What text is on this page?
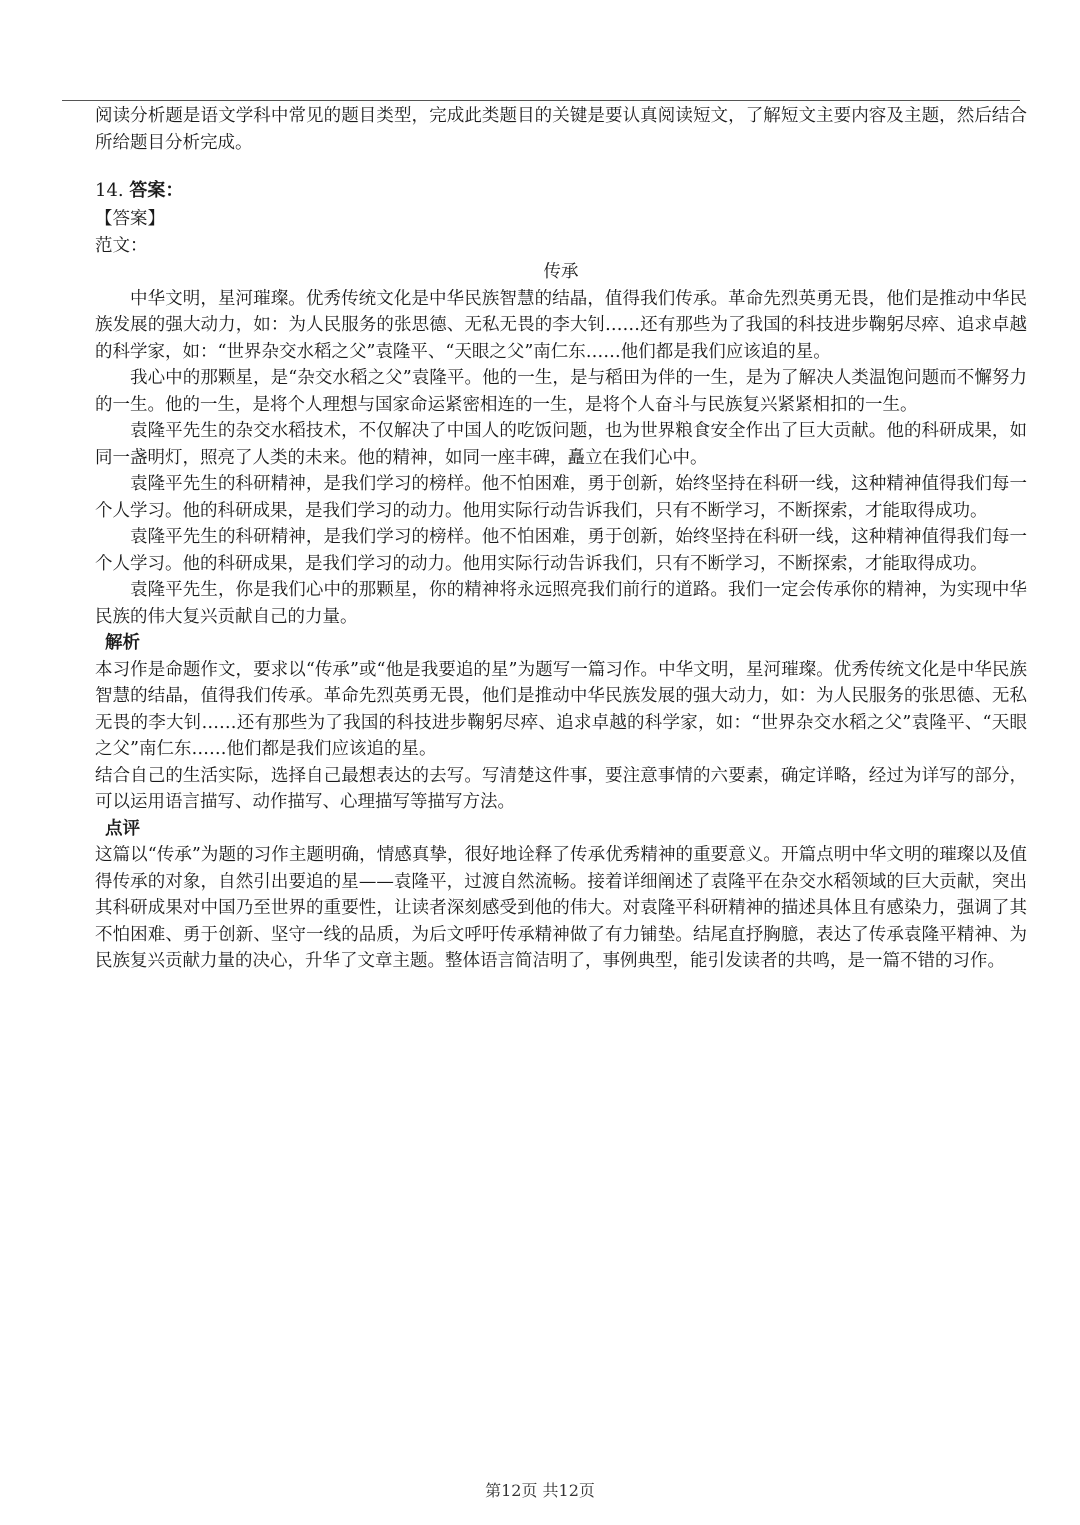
阅读分析题是语文学科中常见的题目类型，完成此类题目的关键是要认真阅读短文，了解短文主要内容及主题，然后结合所给题目分析完成。

14. 答案：

【答案】

范文：

传承

中华文明，星河璀璨。优秀传统文化是中华民族智慧的结晶，值得我们传承。革命先烈英勇无畏，他们是推动中华民族发展的强大动力，如：为人民服务的张思德、无私无畏的李大钊……还有那些为了我国的科技进步鞠躬尽瘁、追求卓越的科学家，如：“世界杂交水稻之父”袁隆平、“天眼之父”南仁东……他们都是我们应该追的星。

我心中的那颗星，是“杂交水稻之父”袁隆平。他的一生，是与稻田为伴的一生，是为了解决人类温饱问题而不懈努力的一生。他的一生，是将个人理想与国家命运紧密相连的一生，是将个人奋斗与民族复兴紧紧相扣的一生。

袁隆平先生的杂交水稻技术，不仅解决了中国人的吃饭问题，也为世界粮食安全作出了巨大贡献。他的科研成果，如同一盏明灯，照亮了人类的未来。他的精神，如同一座丰碑，矗立在我们心中。

袁隆平先生的科研精神，是我们学习的榜样。他不怕困难，勇于创新，始终坚持在科研一线，这种精神值得我们每一个人学习。他的科研成果，是我们学习的动力。他用实际行动告诉我们，只有不断学习，不断探索，才能取得成功。

袁隆平先生的科研精神，是我们学习的榜样。他不怕困难，勇于创新，始终坚持在科研一线，这种精神值得我们每一个人学习。他的科研成果，是我们学习的动力。他用实际行动告诉我们，只有不断学习，不断探索，才能取得成功。

袁隆平先生，你是我们心中的那颗星，你的精神将永远照亮我们前行的道路。我们一定会传承你的精神，为实现中华民族的伟大复兴贡献自己的力量。

解析

本习作是命题作文，要求以“传承”或“他是我要追的星”为题写一篇习作。中华文明，星河璀璨。优秀传统文化是中华民族智慧的结晶，值得我们传承。革命先烈英勇无畏，他们是推动中华民族发展的强大动力，如：为人民服务的张思德、无私无畏的李大钊……还有那些为了我国的科技进步鞠躬尽瘁、追求卓越的科学家，如：“世界杂交水稻之父”袁隆平、“天眼之父”南仁东……他们都是我们应该追的星。

结合自己的生活实际，选择自己最想表达的去写。写清楚这件事，要注意事情的六要素，确定详略，经过为详写的部分，可以运用语言描写、动作描写、心理描写等描写方法。

点评

这篇以“传承”为题的习作主题明确，情感真挚，很好地诠释了传承优秀精神的重要意义。开篇点明中华文明的璀璨以及值得传承的对象，自然引出要追的星——袁隆平，过渡自然流畅。接着详细阐述了袁隆平在杂交水稻领域的巨大贡献，突出其科研成果对中国乃至世界的重要性，让读者深刻感受到他的伟大。对袁隆平科研精神的描述具体且有感染力，强调了其不怕困难、勇于创新、坚守一线的品质，为后文呼吁传承精神做了有力铺垫。结尾直抒胸臆，表达了传承袁隆平精神、为民族复兴贡献力量的决心，升华了文章主题。整体语言简洁明了，事例典型，能引发读者的共鸣，是一篇不错的习作。

第12页 共12页
